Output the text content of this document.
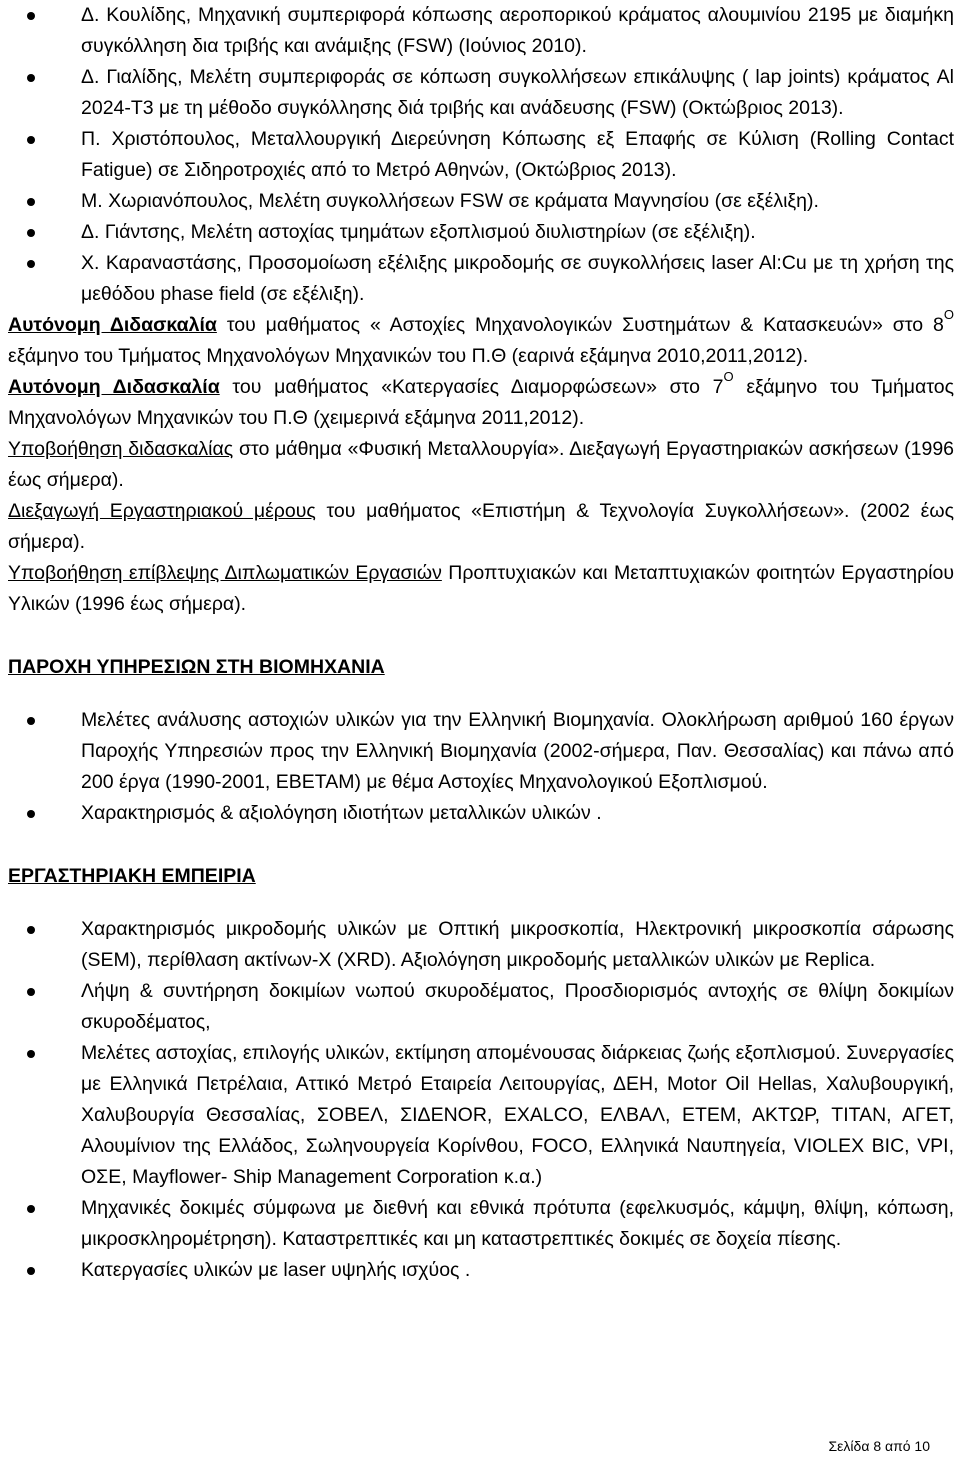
Δ. Κουλίδης, Μηχανική συμπεριφορά κόπωσης αεροπορικού κράματος αλουμινίου 2195 με διαμήκη συγκόλληση δια τριβής και ανάμιξης (FSW) (Ιούνιος 2010).
Δ. Γιαλίδης, Μελέτη συμπεριφοράς σε κόπωση συγκολλήσεων επικάλυψης ( lap joints) κράματος Al 2024-T3 με τη μέθοδο συγκόλλησης διά τριβής και ανάδευσης (FSW) (Οκτώβριος 2013).
Π. Χριστόπουλος, Μεταλλουργική Διερεύνηση Κόπωσης εξ Επαφής σε Κύλιση (Rolling Contact Fatigue) σε Σιδηροτροχιές από το Μετρό Αθηνών, (Οκτώβριος 2013).
Μ. Χωριανόπουλος, Μελέτη συγκολλήσεων FSW σε κράματα Μαγνησίου (σε εξέλιξη).
Δ. Γιάντσης, Μελέτη αστοχίας τμημάτων εξοπλισμού διυλιστηρίων (σε εξέλιξη).
Χ. Καραναστάσης, Προσομοίωση εξέλιξης μικροδομής σε συγκολλήσεις laser Al:Cu με τη χρήση της μεθόδου phase field (σε εξέλιξη).

Αυτόνομη Διδασκαλία του μαθήματος « Αστοχίες Μηχανολογικών Συστημάτων & Κατασκευών» στο $8^O$ εξάμηνο του Τμήματος Μηχανολόγων Μηχανικών του Π.Θ (εαρινά εξάμηνα 2010,2011,2012).

Αυτόνομη Διδασκαλία του μαθήματος «Κατεργασίες Διαμορφώσεων» στο $7^O$ εξάμηνο του Τμήματος Μηχανολόγων Μηχανικών του Π.Θ (χειμερινά εξάμηνα 2011,2012).

Υποβοήθηση διδασκαλίας στο μάθημα «Φυσική Μεταλλουργία». Διεξαγωγή Εργαστηριακών ασκήσεων (1996 έως σήμερα).

Διεξαγωγή Εργαστηριακού μέρους του μαθήματος «Επιστήμη & Τεχνολογία Συγκολλήσεων». (2002 έως σήμερα).

Υποβοήθηση επίβλεψης Διπλωματικών Εργασιών Προπτυχιακών και Μεταπτυχιακών φοιτητών Εργαστηρίου Υλικών (1996 έως σήμερα).

ΠΑΡΟΧΗ ΥΠΗΡΕΣΙΩΝ ΣΤΗ ΒΙΟΜΗΧΑΝΙΑ

Μελέτες ανάλυσης αστοχιών υλικών για την Ελληνική Βιομηχανία. Ολοκλήρωση αριθμού 160 έργων Παροχής Υπηρεσιών προς την Ελληνική Βιομηχανία (2002-σήμερα, Παν. Θεσσαλίας) και πάνω από 200 έργα (1990-2001, ΕΒΕΤΑΜ) με θέμα Αστοχίες Μηχανολογικού Εξοπλισμού.
Χαρακτηρισμός & αξιολόγηση ιδιοτήτων μεταλλικών υλικών .

ΕΡΓΑΣΤΗΡΙΑΚΗ ΕΜΠΕΙΡΙΑ

Χαρακτηρισμός μικροδομής υλικών με Οπτική μικροσκοπία, Ηλεκτρονική μικροσκοπία σάρωσης (SEM), περίθλαση ακτίνων-Χ (XRD). Αξιολόγηση μικροδομής μεταλλικών υλικών με Replica.
Λήψη & συντήρηση δοκιμίων νωπού σκυροδέματος, Προσδιορισμός αντοχής σε θλίψη δοκιμίων σκυροδέματος,
Μελέτες αστοχίας, επιλογής υλικών, εκτίμηση απομένουσας διάρκειας ζωής εξοπλισμού. Συνεργασίες με Ελληνικά Πετρέλαια, Αττικό Μετρό Εταιρεία Λειτουργίας, ΔΕΗ, Motor Oil Hellas, Χαλυβουργική, Χαλυβουργία Θεσσαλίας, ΣΟΒΕΛ, ΣΙΔΕΝΟR, EXALCO, ΕΛΒΑΛ, ΕΤΕΜ, ΑΚΤΩΡ, ΤΙΤΑΝ, ΑΓΕΤ, Αλουμίνιον της Ελλάδος, Σωληνουργεία Κορίνθου, FOCO, Ελληνικά Ναυπηγεία, VIOLEX BIC, VPI, ΟΣΕ, Mayflower- Ship Management Corporation κ.α.)
Μηχανικές δοκιμές σύμφωνα με διεθνή και εθνικά πρότυπα (εφελκυσμός, κάμψη, θλίψη, κόπωση, μικροσκληρομέτρηση). Καταστρεπτικές και μη καταστρεπτικές δοκιμές σε δοχεία πίεσης.
Κατεργασίες υλικών με laser υψηλής ισχύος .
Σελίδα 8 από 10
